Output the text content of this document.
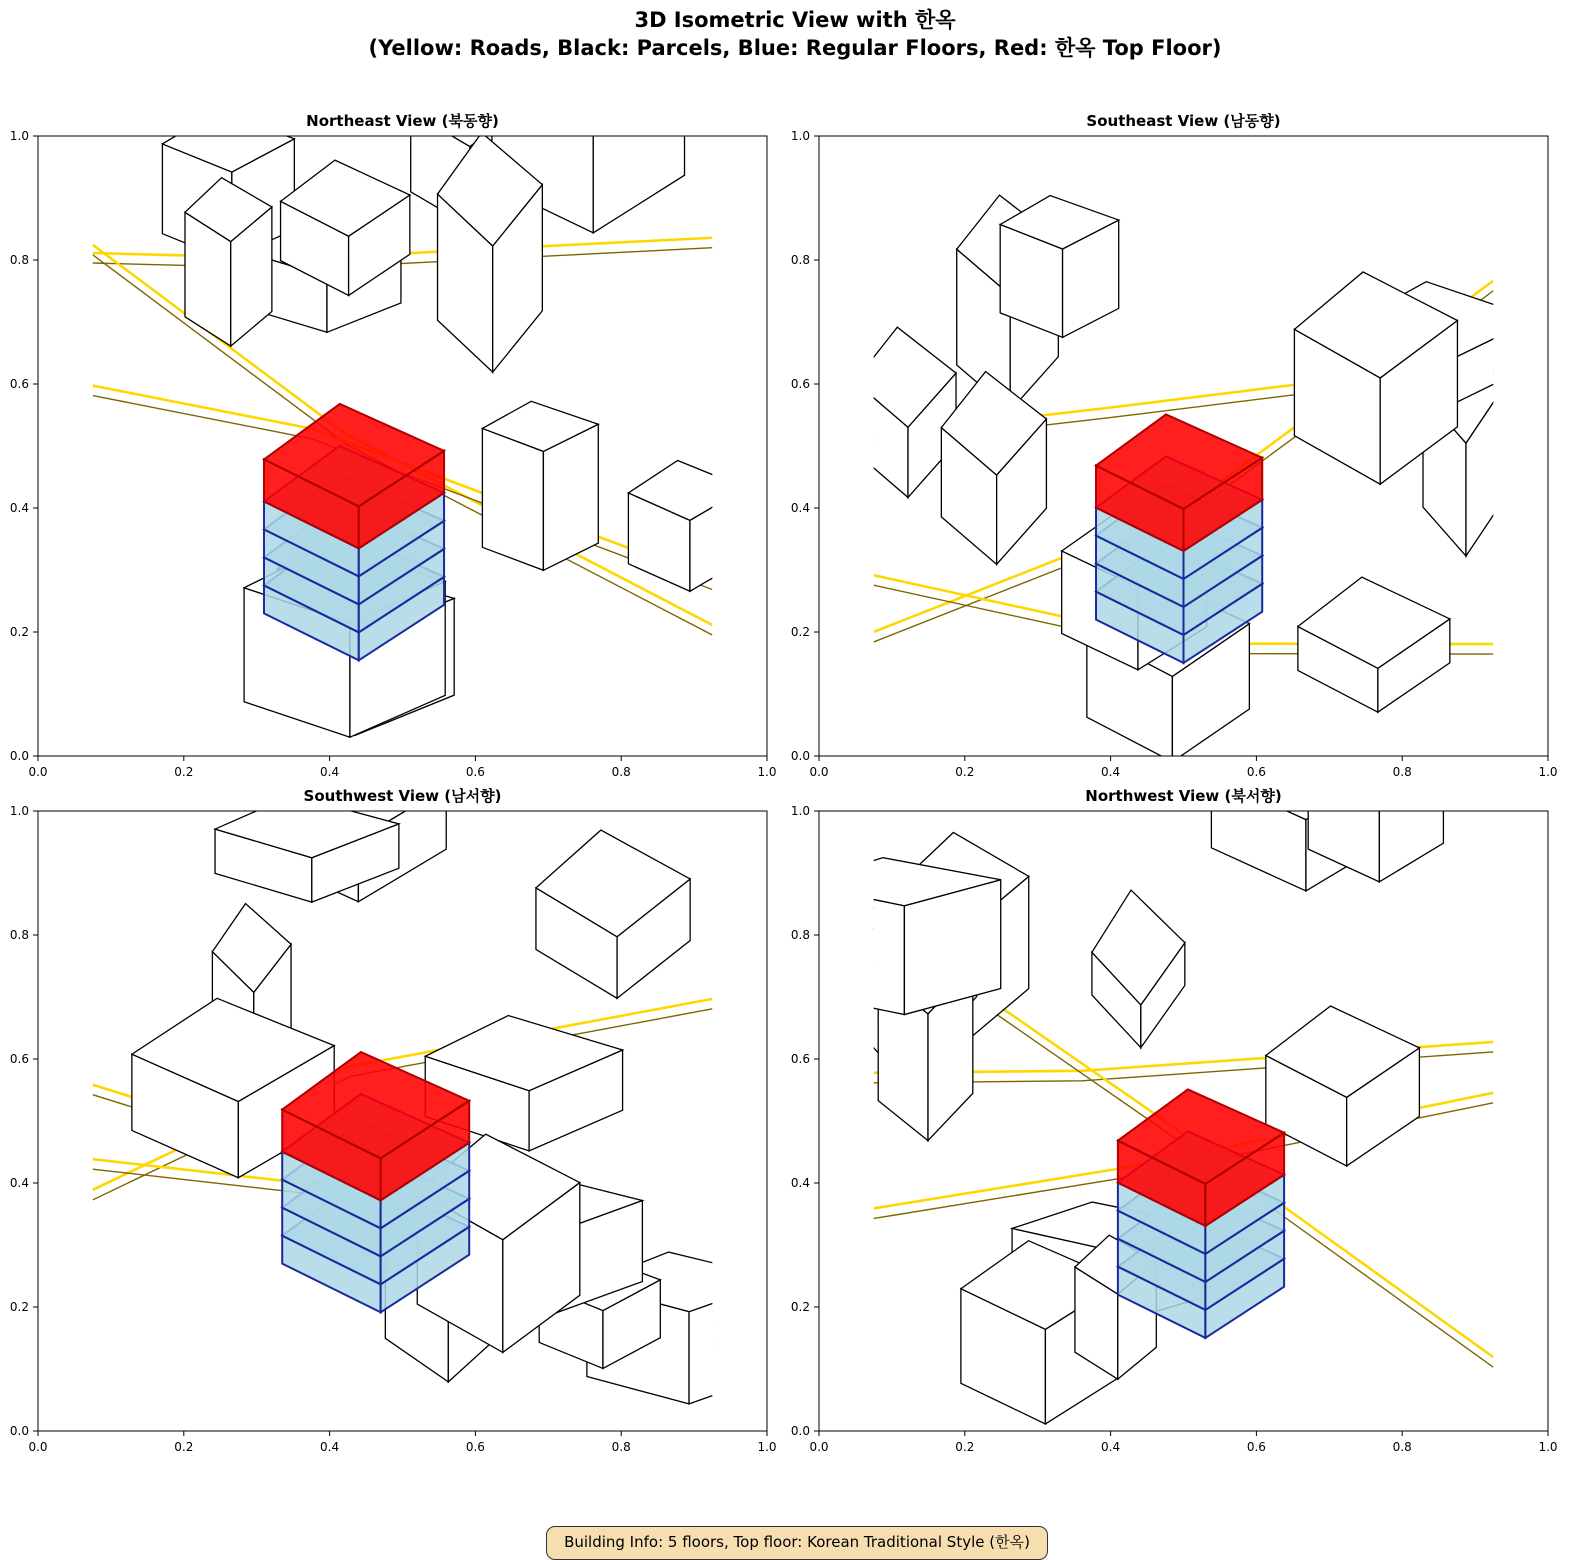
3D Isometric View with 한옥
(Yellow: Roads, Black: Parcels, Blue: Regular Floors, Red: 한옥 Top Floor)
Northeast View (북동향)
0.0	0.2	0.4	0.6	0.8	1.0
0.0
0.2
0.4
0.6
0.8
1.0
Southeast View (남동향)
0.0	0.2	0.4	0.6	0.8	1.0
0.0
0.2
0.4
0.6
0.8
1.0
Southwest View (남서향)
0.0	0.2	0.4	0.6	0.8	1.0
0.0
0.2
0.4
0.6
0.8
1.0
Northwest View (북서향)
0.0	0.2	0.4	0.6	0.8	1.0
0.0
0.2
0.4
0.6
0.8
1.0
Building Info: 5 floors, Top floor: Korean Traditional Style (한옥)
